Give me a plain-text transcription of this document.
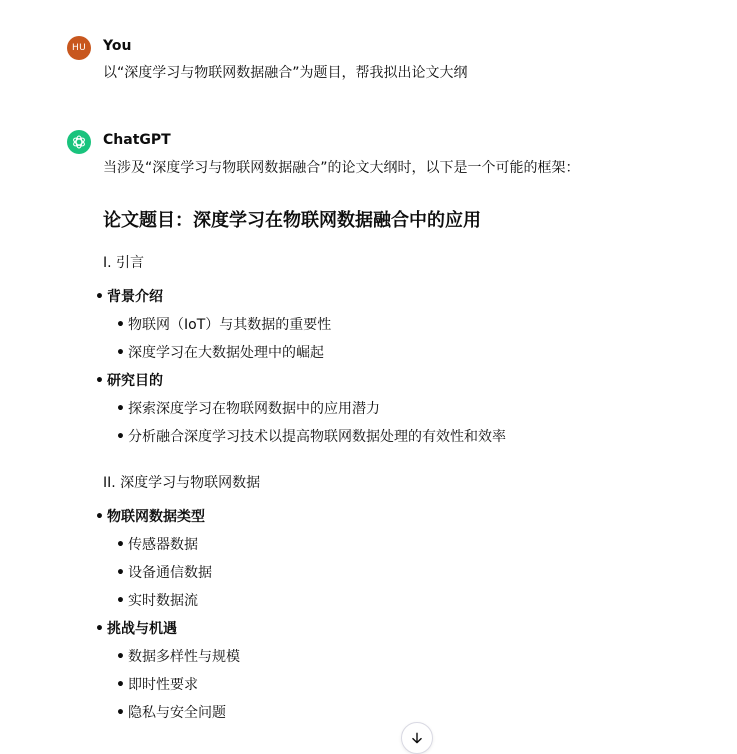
HU You
以“深度学习与物联网数据融合”为题目，帮我拟出论文大纲
ChatGPT
当涉及“深度学习与物联网数据融合”的论文大纲时，以下是一个可能的框架：
论文题目：深度学习在物联网数据融合中的应用
I. 引言
• 背景介绍
• 物联网（IoT）与其数据的重要性
• 深度学习在大数据处理中的崛起
• 研究目的
• 探索深度学习在物联网数据中的应用潜力
• 分析融合深度学习技术以提高物联网数据处理的有效性和效率
II. 深度学习与物联网数据
• 物联网数据类型
• 传感器数据
• 设备通信数据
• 实时数据流
• 挑战与机遇
• 数据多样性与规模
• 即时性要求
• 隐私与安全问题
